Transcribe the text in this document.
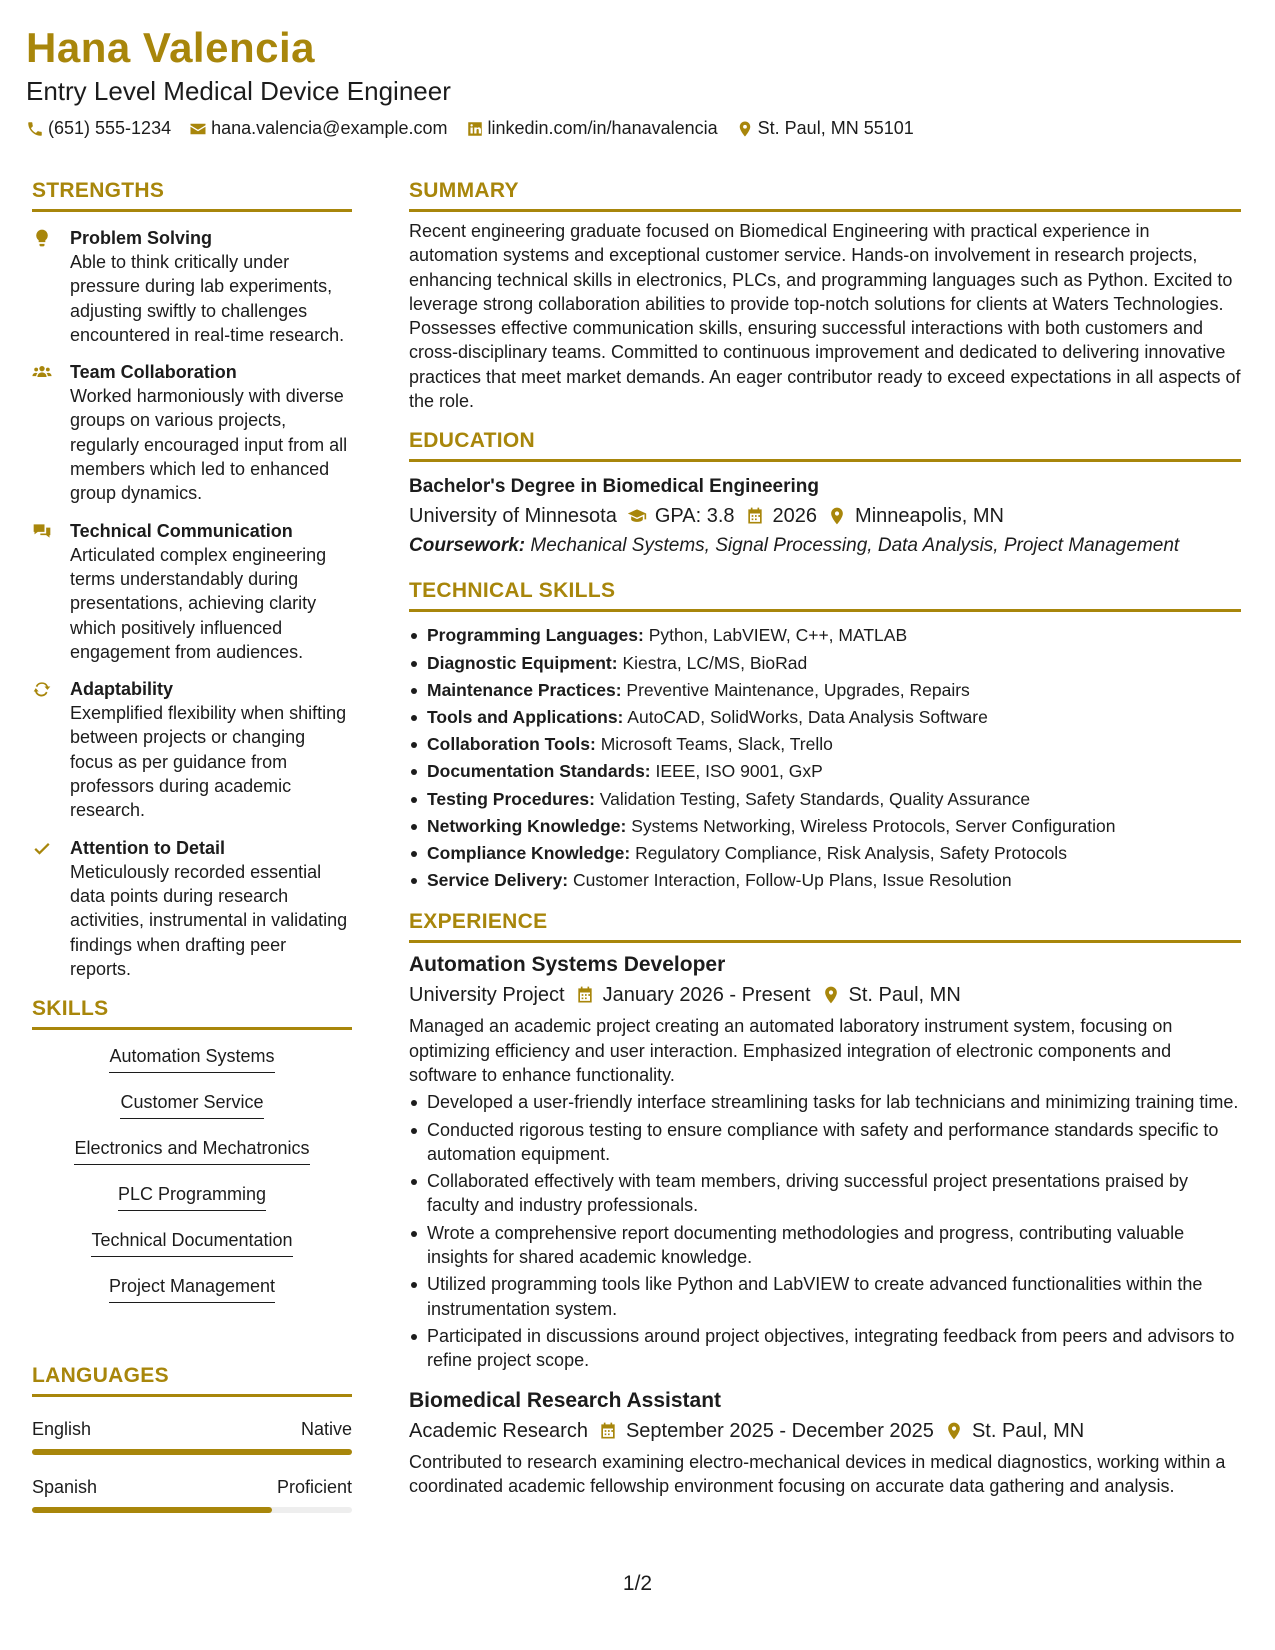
Hana Valencia
Entry Level Medical Device Engineer
(651) 555-1234 hana.valencia@example.com linkedin.com/in/hanavalencia St. Paul, MN 55101
STRENGTHS
Problem Solving
Able to think critically under pressure during lab experiments, adjusting swiftly to challenges encountered in real-time research.
Team Collaboration
Worked harmoniously with diverse groups on various projects, regularly encouraged input from all members which led to enhanced group dynamics.
Technical Communication
Articulated complex engineering terms understandably during presentations, achieving clarity which positively influenced engagement from audiences.
Adaptability
Exemplified flexibility when shifting between projects or changing focus as per guidance from professors during academic research.
Attention to Detail
Meticulously recorded essential data points during research activities, instrumental in validating findings when drafting peer reports.
SKILLS
Automation Systems
Customer Service
Electronics and Mechatronics
PLC Programming
Technical Documentation
Project Management
LANGUAGES
English	Native
Spanish	Proficient
SUMMARY
Recent engineering graduate focused on Biomedical Engineering with practical experience in automation systems and exceptional customer service. Hands-on involvement in research projects, enhancing technical skills in electronics, PLCs, and programming languages such as Python. Excited to leverage strong collaboration abilities to provide top-notch solutions for clients at Waters Technologies. Possesses effective communication skills, ensuring successful interactions with both customers and cross-disciplinary teams. Committed to continuous improvement and dedicated to delivering innovative practices that meet market demands. An eager contributor ready to exceed expectations in all aspects of the role.
EDUCATION
Bachelor's Degree in Biomedical Engineering
University of Minnesota GPA: 3.8 2026 Minneapolis, MN
Coursework: Mechanical Systems, Signal Processing, Data Analysis, Project Management
TECHNICAL SKILLS
Programming Languages: Python, LabVIEW, C++, MATLAB
Diagnostic Equipment: Kiestra, LC/MS, BioRad
Maintenance Practices: Preventive Maintenance, Upgrades, Repairs
Tools and Applications: AutoCAD, SolidWorks, Data Analysis Software
Collaboration Tools: Microsoft Teams, Slack, Trello
Documentation Standards: IEEE, ISO 9001, GxP
Testing Procedures: Validation Testing, Safety Standards, Quality Assurance
Networking Knowledge: Systems Networking, Wireless Protocols, Server Configuration
Compliance Knowledge: Regulatory Compliance, Risk Analysis, Safety Protocols
Service Delivery: Customer Interaction, Follow-Up Plans, Issue Resolution
EXPERIENCE
Automation Systems Developer
University Project January 2026 - Present St. Paul, MN
Managed an academic project creating an automated laboratory instrument system, focusing on optimizing efficiency and user interaction. Emphasized integration of electronic components and software to enhance functionality.
Developed a user-friendly interface streamlining tasks for lab technicians and minimizing training time.
Conducted rigorous testing to ensure compliance with safety and performance standards specific to automation equipment.
Collaborated effectively with team members, driving successful project presentations praised by faculty and industry professionals.
Wrote a comprehensive report documenting methodologies and progress, contributing valuable insights for shared academic knowledge.
Utilized programming tools like Python and LabVIEW to create advanced functionalities within the instrumentation system.
Participated in discussions around project objectives, integrating feedback from peers and advisors to refine project scope.
Biomedical Research Assistant
Academic Research September 2025 - December 2025 St. Paul, MN
Contributed to research examining electro-mechanical devices in medical diagnostics, working within a coordinated academic fellowship environment focusing on accurate data gathering and analysis.
1/2
